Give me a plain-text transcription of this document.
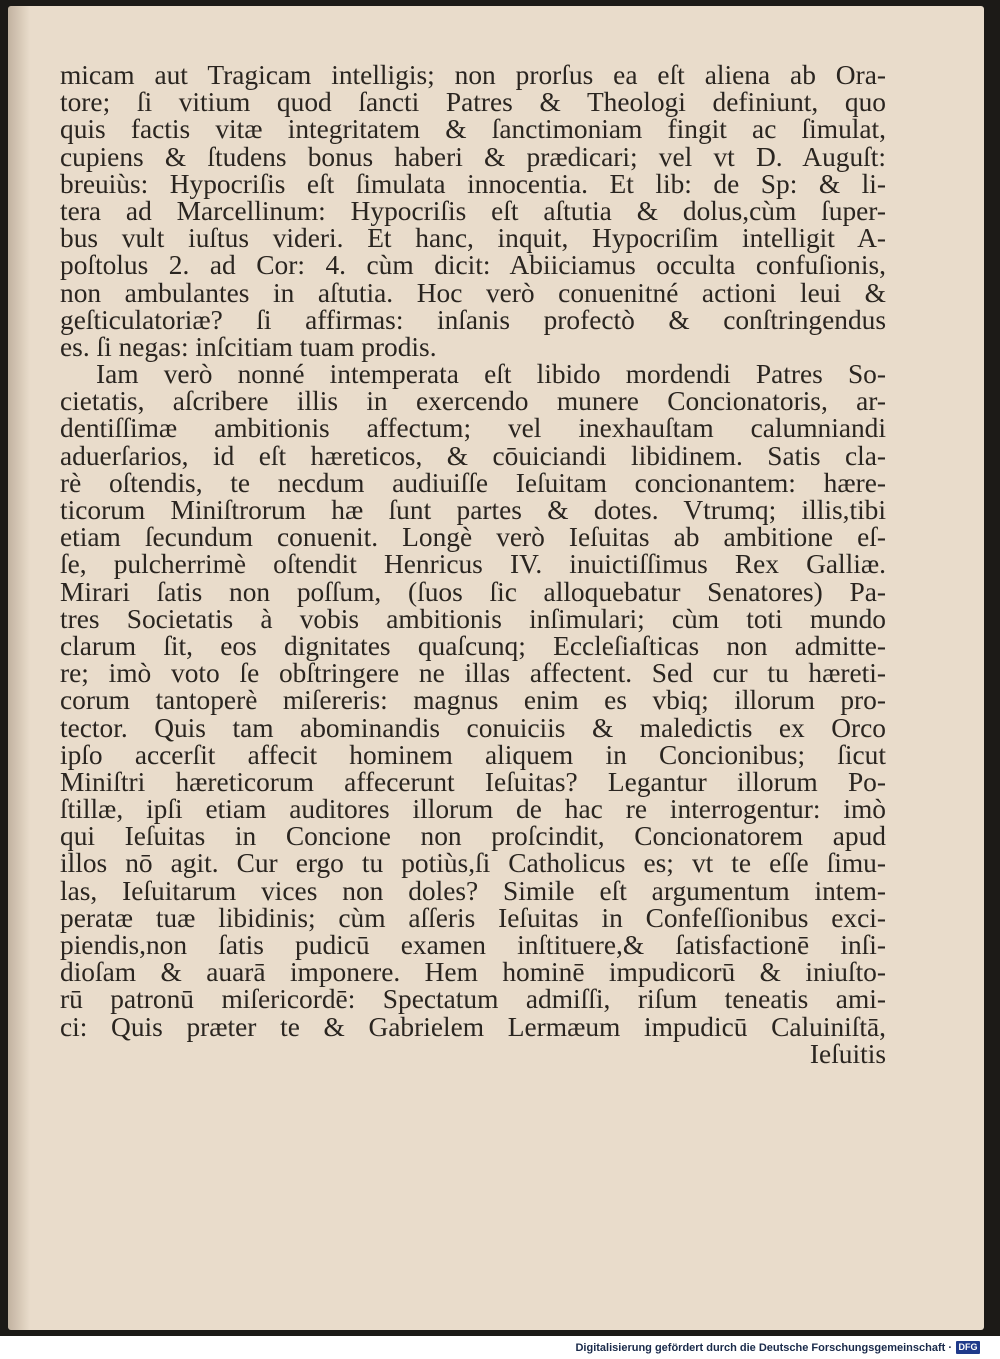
micam aut Tragicam intelligis; non prorſus ea eſt aliena ab Ora-
tore; ſi vitium quod ſancti Patres & Theologi definiunt, quo
quis factis vitæ integritatem & ſanctimoniam fingit ac ſimulat,
cupiens & ſtudens bonus haberi & prædicari; vel vt D. Auguſt:
breuiùs: Hypocriſis eſt ſimulata innocentia. Et lib: de Sp: & li-
tera ad Marcellinum: Hypocriſis eſt aſtutia & dolus,cùm ſuper-
bus vult iuſtus videri. Et hanc, inquit, Hypocriſim intelligit A-
poſtolus 2. ad Cor: 4. cùm dicit: Abiiciamus occulta confuſionis,
non ambulantes in aſtutia. Hoc verò conuenitné actioni leui &
geſticulatoriæ? ſi affirmas: inſanis profectò & conſtringendus
es. ſi negas: inſcitiam tuam prodis.
Iam verò nonné intemperata eſt libido mordendi Patres So-
cietatis, aſcribere illis in exercendo munere Concionatoris, ar-
dentiſſimæ ambitionis affectum; vel inexhauſtam calumniandi
aduerſarios, id eſt hæreticos, & cōuiciandi libidinem. Satis cla-
rè oſtendis, te necdum audiuiſſe Ieſuitam concionantem: hære-
ticorum Miniſtrorum hæ ſunt partes & dotes. Vtrumq; illis,tibi
etiam ſecundum conuenit. Longè verò Ieſuitas ab ambitione eſ-
ſe, pulcherrimè oſtendit Henricus IV. inuictiſſimus Rex Galliæ.
Mirari ſatis non poſſum, (ſuos ſic alloquebatur Senatores) Pa-
tres Societatis à vobis ambitionis inſimulari; cùm toti mundo
clarum ſit, eos dignitates quaſcunq; Eccleſiaſticas non admitte-
re; imò voto ſe obſtringere ne illas affectent. Sed cur tu hæreti-
corum tantoperè miſereris: magnus enim es vbiq; illorum pro-
tector. Quis tam abominandis conuiciis & maledictis ex Orco
ipſo accerſit affecit hominem aliquem in Concionibus; ſicut
Miniſtri hæreticorum affecerunt Ieſuitas? Legantur illorum Po-
ſtillæ, ipſi etiam auditores illorum de hac re interrogentur: imò
qui Ieſuitas in Concione non proſcindit, Concionatorem apud
illos nō agit. Cur ergo tu potiùs,ſi Catholicus es; vt te eſſe ſimu-
las, Ieſuitarum vices non doles? Simile eſt argumentum intem-
peratæ tuæ libidinis; cùm aſſeris Ieſuitas in Confeſſionibus exci-
piendis,non ſatis pudicū examen inſtituere,& ſatisfactionē inſi-
dioſam & auarā imponere. Hem hominē impudicorū & iniuſto-
rū patronū miſericordē: Spectatum admiſſi, riſum teneatis ami-
ci: Quis præter te & Gabrielem Lermæum impudicū Caluiniſtā,
Ieſuitis
Digitalisierung gefördert durch die Deutsche Forschungsgemeinschaft · DFG
